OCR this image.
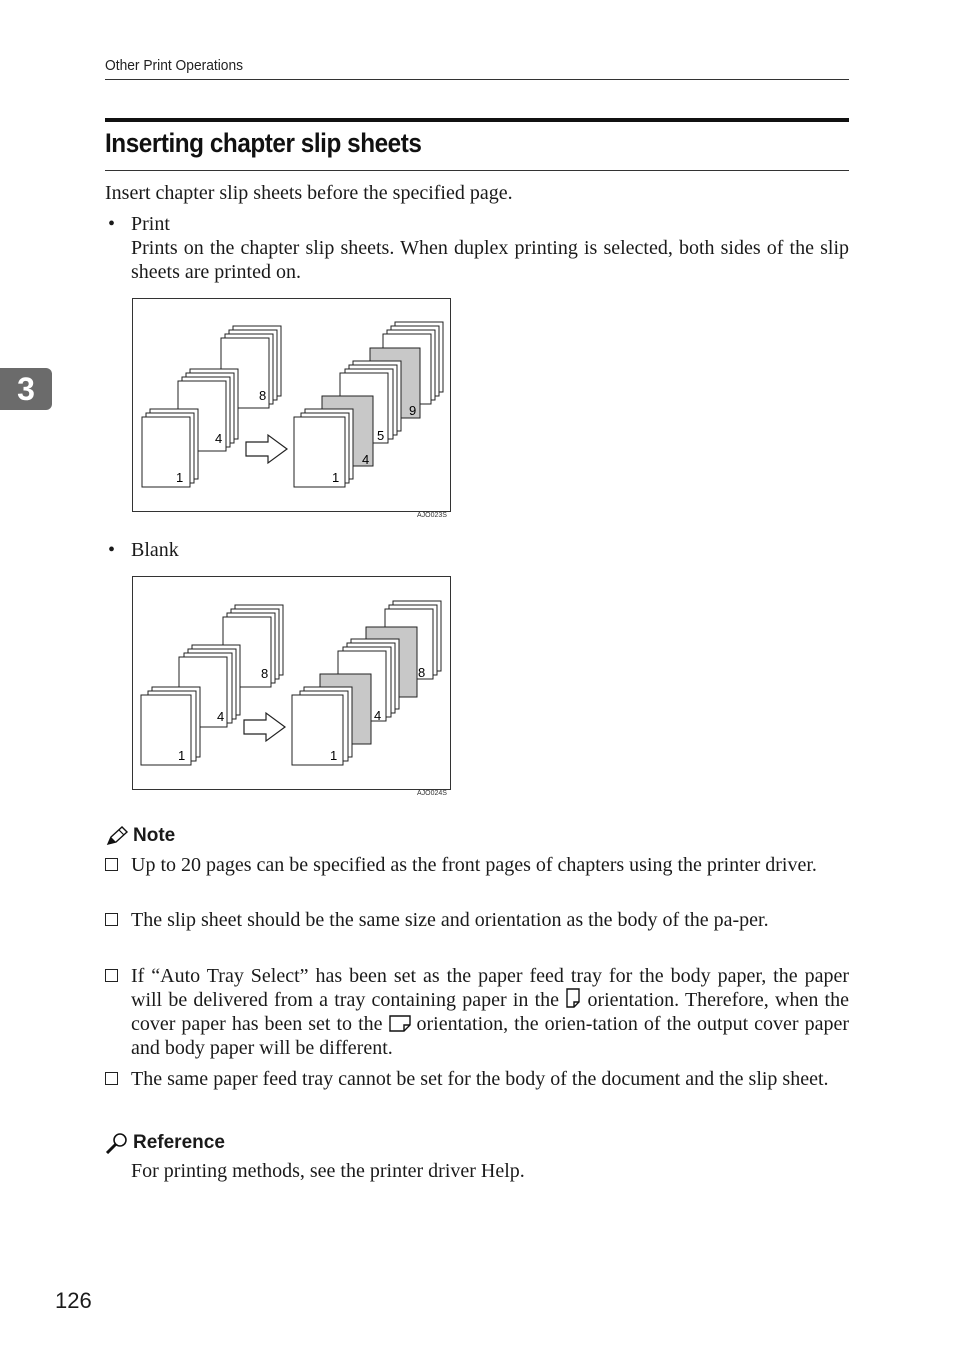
Other Print Operations
3
Inserting chapter slip sheets
Insert chapter slip sheets before the specified page.
• Print
Prints on the chapter slip sheets. When duplex printing is selected, both sides of the slip sheets are printed on.
8
4
1
9
5
4
1
AJO023S
• Blank
8
4
1
8
4
1
AJO024S
Note
Up to 20 pages can be specified as the front pages of chapters using the printer driver.
The slip sheet should be the same size and orientation as the body of the pa-per.
If “Auto Tray Select” has been set as the paper feed tray for the body paper, the paper will be delivered from a tray containing paper in the  orientation. Therefore, when the cover paper has been set to the  orientation, the orien-tation of the output cover paper and body paper will be different.
The same paper feed tray cannot be set for the body of the document and the slip sheet.
Reference
For printing methods, see the printer driver Help.
126
